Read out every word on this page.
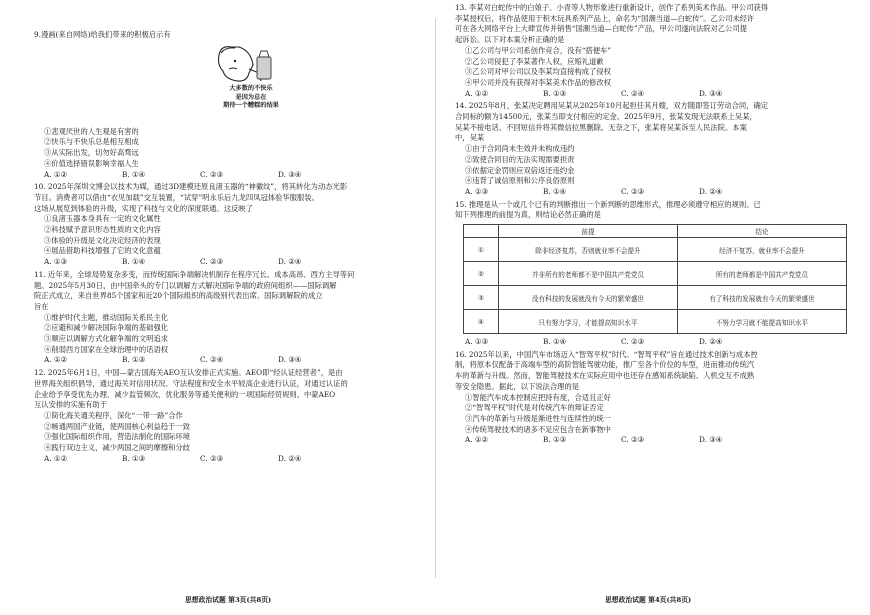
9.漫画(来自网络)给我们带来的积极启示有

大多数的不快乐
是因为总在
期待一个糟糕的结果

①悲观厌世的人生观是有害的

②快乐与不快乐总是相互相成

③从实际出发，切勿好高骛远

④价值选择错误影响幸福人生

A. ①②	B. ①④	C. ②③	D. ③④

10. 2025年深圳文博会以技术为媒，通过3D建模还原良渚玉器的“神徽纹”，将其转化为动态光影

节目。消费者可以借由“衣见加载”交互装置，“试穿”明永乐后九龙四凤冠体验华服服装。

这场从展览到体验的升级，实现了科技与文化的深度联通。这反映了

①良渚玉器本身具有一定的文化属性

②科技赋予意识形态性质的文化内容

③体验的升级是文化决定经济的表现

④展品借助科技增强了它的文化意蕴

A. ①③	B. ①④	C. ②③	D. ②④

11. 近年来，全球局势复杂多变，而传统国际争端解决机制存在程序冗长、成本高昂、西方主导等问

题。2025年5月30日，由中国牵头的专门以调解方式解决国际争端的政府间组织——国际调解

院正式成立，来自世界85个国家和近20个国际组织的高级别代表出席。国际调解院的成立

旨在

①维护时代主题，推动国际关系民主化

②应避和减少解决国际争端的基础强化

③顺应以调解方式化解争端的文明追求

④削弱西方国家在全球治理中的话语权

A. ①②	B. ①③	C. ②④	D. ③④

12. 2025年6月1日，中国—蒙古国海关AEO互认安排正式实施。AEO即“经认证经营者”，是由

世界海关组织倡导，通过海关对信用状况、守法程度和安全水平较高企业进行认证，对通过认证的

企业给予享受优先办理、减少监管频次、优化服务等通关便利的一项国际经贸规则。中蒙AEO

互认安排的实施有助于

①简化海关通关程序，深化“一带一路”合作

②畅通两国产业链，使两国核心利益趋于一致

③强化国际组织作用，营造法制化的国际环境

④践行双边主义，减少两国之间的摩擦和分歧

A. ①②	B. ①③	C. ②③	D. ②④
思想政治试题 第3页(共8页)

13. 李某对白蛇传中的白娘子、小青等人物形象进行重新设计，创作了系列美术作品。甲公司获得

李某授权后，将作品使用于积木玩具系列产品上，命名为“国潮当道—白蛇传”。乙公司未经许

可在各大网络平台上大肆宣传并销售“国潮当道—白蛇传”产品，甲公司遂向法院对乙公司提

起诉讼。以下对本案分析正确的是

①乙公司与甲公司系创作竞合，没有“搭便车”

②乙公司侵犯了李某著作人权，应赔礼道歉

③乙公司对甲公司以及李某均直接构成了侵权

④甲公司并没有获得对李某美术作品的修改权

A. ①②	B. ①③	C. ②④	D. ③④

14. 2025年8月，张某决定聘用吴某从2025年10月起担任其月嫂，双方随即签订劳动合同，确定

合同标的额为14500元，张某当即支付相应的定金。2025年9月，张某发现无法联系上吴某，

吴某不接电话、不回短信并将其微信拉黑删除。无奈之下，张某将吴某诉至人民法院。本案

中，吴某

①由于合同尚未生效并未构成违约

②致使合同目的无法实现需要担责

③依据定金罚则应双倍返还违约金

④违背了诚信原则和公序良俗原则

A. ①③	B. ①④	C. ②③	D. ②④

15. 推理是从一个或几个已有的判断推出一个新判断的思维形式，推理必须遵守相应的规则。已

知下列推理的前提为真，则结论必然正确的是

	前提	结论
①	除非经济复苏，否则就业率不会提升	经济不复苏，就业率不会提升
②	并非所有的老师都不是中国共产党党员	所有的老师都是中国共产党党员
③	没有科技的发展就没有今天的繁荣盛世	有了科技的发展就有今天的繁荣盛世
④	只有努力学习，才能提高知识水平	不努力学习就不能提高知识水平
A. ①③	B. ①④	C. ②③	D. ②④

16. 2025年以来，中国汽车市场迈入“智驾平权”时代。“智驾平权”旨在通过技术创新与成本控

制，将原本仅配备于高端车型的高阶智能驾驶功能，推广至各个价位的车型，进而推动传统汽

车的革新与升级。然而，智能驾驶技术在实际应用中也还存在感知系统缺陷、人机交互不成熟

等安全隐患。据此，以下说法合理的是

①智能汽车成本控制应把持有度，合适且正好

②“智驾平权”时代是对传统汽车的辩证否定

③汽车的革新与升级是渐进性与连续性的统一

④传统驾驶技术的诸多不足应包含在新事物中

A. ①②	B. ①③	C. ②③	D. ③④
思想政治试题 第4页(共8页)
